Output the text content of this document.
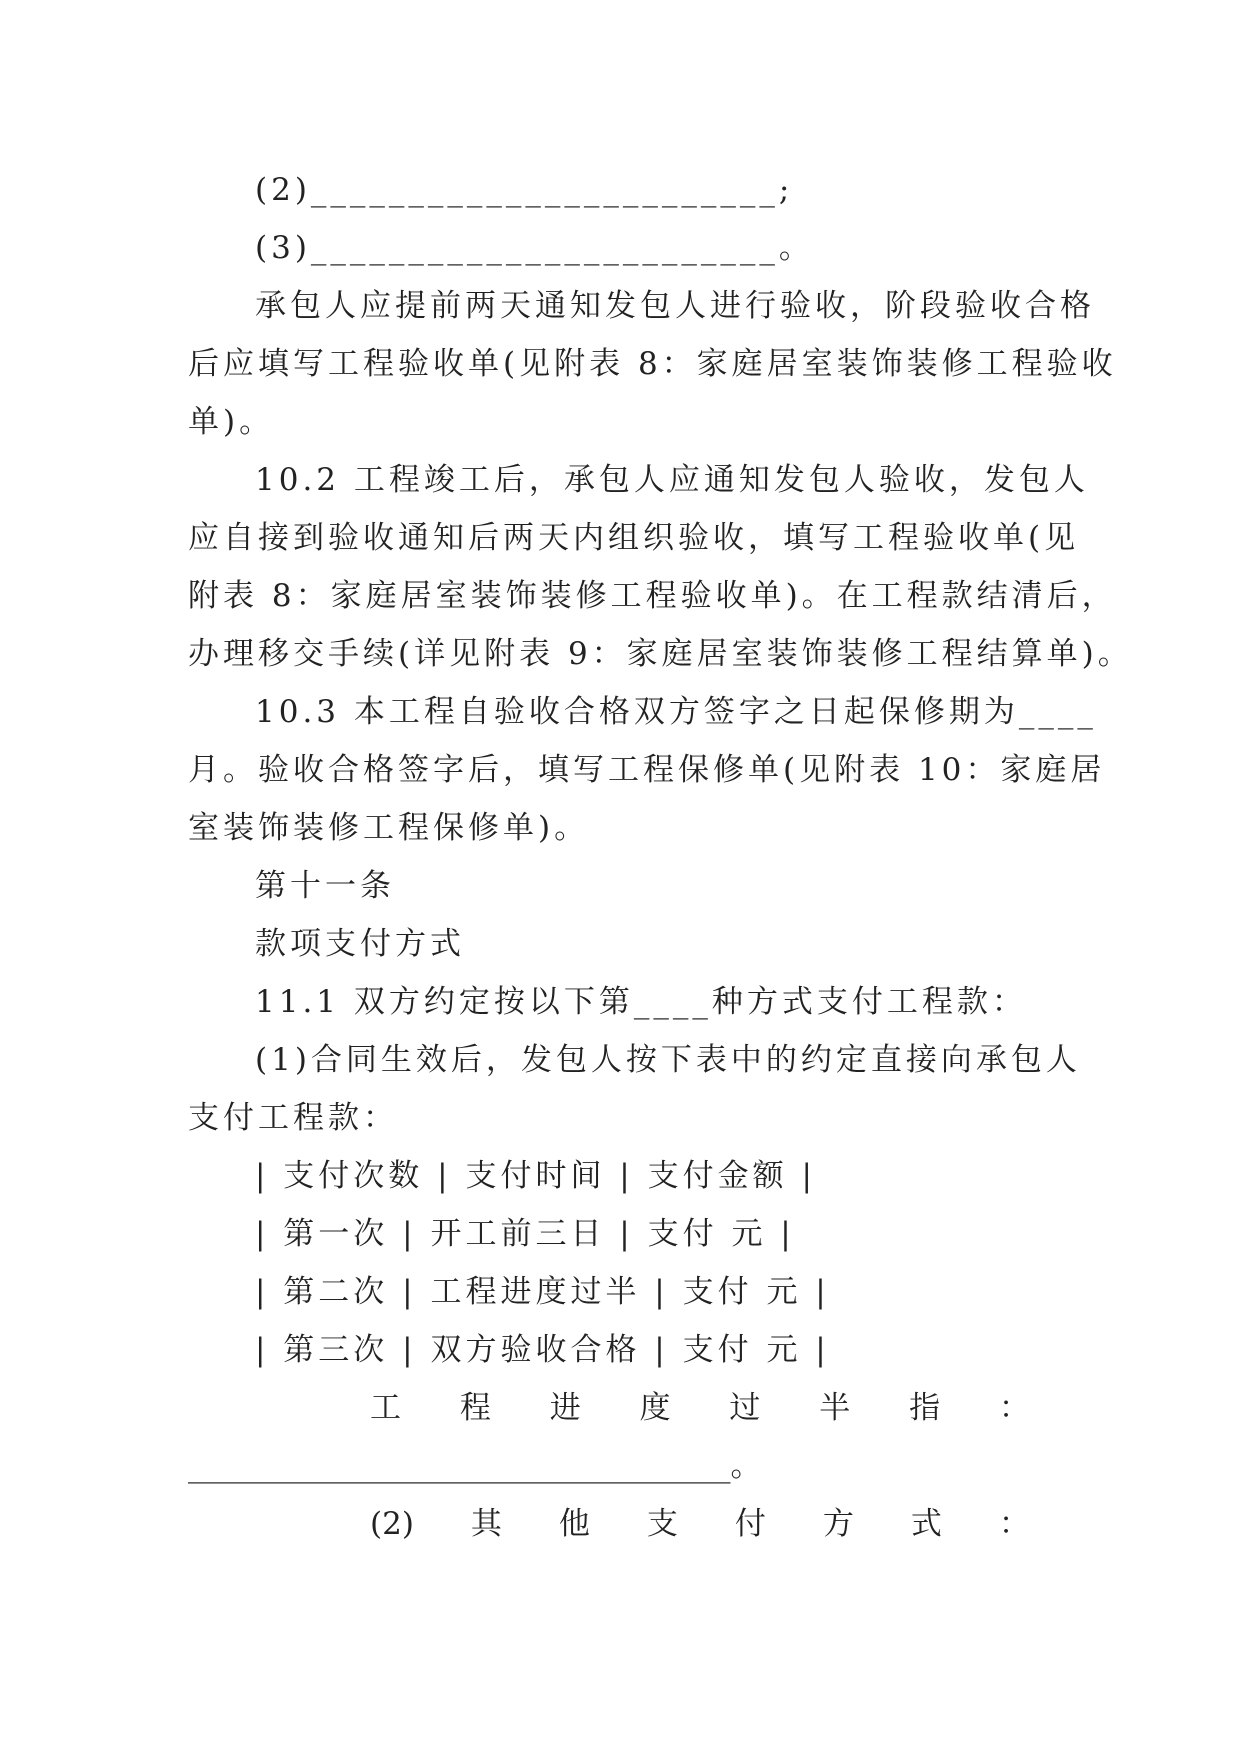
(2)________________________;
(3)________________________。
承包人应提前两天通知发包人进行验收，阶段验收合格
后应填写工程验收单(见附表 8：家庭居室装饰装修工程验收
单)。
10.2 工程竣工后，承包人应通知发包人验收，发包人
应自接到验收通知后两天内组织验收，填写工程验收单(见
附表 8：家庭居室装饰装修工程验收单)。在工程款结清后，
办理移交手续(详见附表 9：家庭居室装饰装修工程结算单)。
10.3 本工程自验收合格双方签字之日起保修期为____
月。验收合格签字后，填写工程保修单(见附表 10：家庭居
室装饰装修工程保修单)。
第十一条
款项支付方式
11.1 双方约定按以下第____种方式支付工程款：
(1)合同生效后，发包人按下表中的约定直接向承包人
支付工程款：
| 支付次数 | 支付时间 | 支付金额 |
| 第一次 | 开工前三日 | 支付 元 |
| 第二次 | 工程进度过半 | 支付 元 |
| 第三次 | 双方验收合格 | 支付 元 |
工 程 进 度 过 半 指 ：
___________________________________。
(2) 其 他 支 付 方 式 ：
